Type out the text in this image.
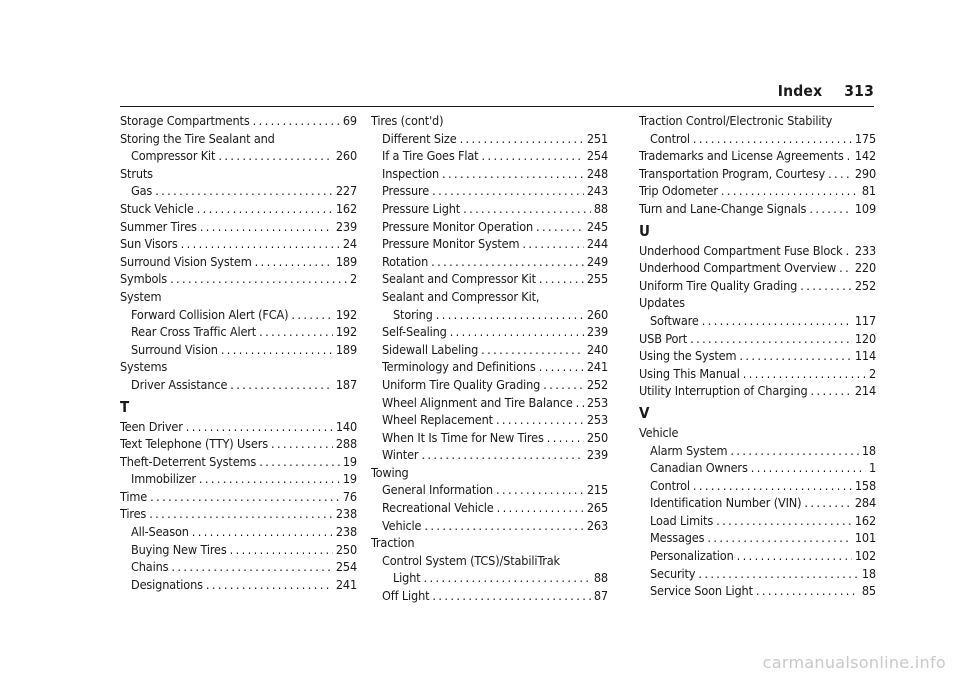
Index 313
Storage Compartments . . .	69
Storing the Tire Sealant and
Compressor Kit . . .	260
Struts
Gas . . .	227
Stuck Vehicle . . .	162
Summer Tires . . .	239
Sun Visors . . .	24
Surround Vision System . . .	189
Symbols . . .	2
System
Forward Collision Alert (FCA) . . .	192
Rear Cross Traffic Alert . . .	192
Surround Vision . . .	189
Systems
Driver Assistance . . .	187
T
Teen Driver . . .	140
Text Telephone (TTY) Users . . .	288
Theft-Deterrent Systems . . .	19
Immobilizer . . .	19
Time . . .	76
Tires . . .	238
All-Season . . .	238
Buying New Tires . . .	250
Chains . . .	254
Designations . . .	241
Tires (cont'd)
Different Size . . .	251
If a Tire Goes Flat . . .	254
Inspection . . .	248
Pressure . . .	243
Pressure Light . . .	88
Pressure Monitor Operation . . .	245
Pressure Monitor System . . .	244
Rotation . . .	249
Sealant and Compressor Kit . . .	255
Sealant and Compressor Kit,
Storing . . .	260
Self-Sealing . . .	239
Sidewall Labeling . . .	240
Terminology and Definitions . . .	241
Uniform Tire Quality Grading . . .	252
Wheel Alignment and Tire Balance . . . 253
Wheel Replacement . . .	253
When It Is Time for New Tires . . .	250
Winter . . .	239
Towing
General Information . . .	215
Recreational Vehicle . . .	265
Vehicle . . .	263
Traction
Control System (TCS)/StabiliTrak
Light . . .	88
Off Light . . .	87
Traction Control/Electronic Stability
Control . . .	175
Trademarks and License Agreements . . . 142
Transportation Program, Courtesy . . . 290
Trip Odometer . . .	81
Turn and Lane-Change Signals . . .	109
U
Underhood Compartment Fuse Block . . . 233
Underhood Compartment Overview . . . 220
Uniform Tire Quality Grading . . .	252
Updates
Software . . .	117
USB Port . . .	120
Using the System . . .	114
Using This Manual . . .	2
Utility Interruption of Charging . . .	214
V
Vehicle
Alarm System . . .	18
Canadian Owners . . .	1
Control . . .	158
Identification Number (VIN) . . .	284
Load Limits . . .	162
Messages . . .	101
Personalization . . .	102
Security . . .	18
Service Soon Light . . .	85
carmanualsonline.info
